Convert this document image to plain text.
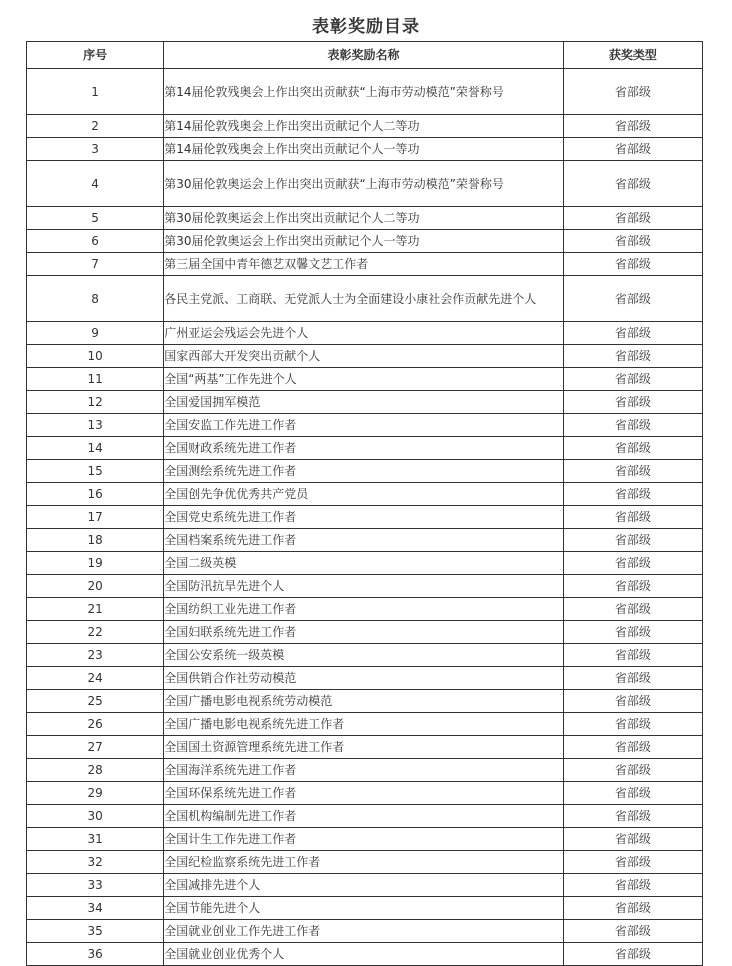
表彰奖励目录
序号	表彰奖励名称	获奖类型
1	第14届伦敦残奥会上作出突出贡献获“上海市劳动模范”荣誉称号	省部级
2	第14届伦敦残奥会上作出突出贡献记个人二等功	省部级
3	第14届伦敦残奥会上作出突出贡献记个人一等功	省部级
4	第30届伦敦奥运会上作出突出贡献获“上海市劳动模范”荣誉称号	省部级
5	第30届伦敦奥运会上作出突出贡献记个人二等功	省部级
6	第30届伦敦奥运会上作出突出贡献记个人一等功	省部级
7	第三届全国中青年德艺双馨文艺工作者	省部级
8	各民主党派、工商联、无党派人士为全面建设小康社会作贡献先进个人	省部级
9	广州亚运会残运会先进个人	省部级
10	国家西部大开发突出贡献个人	省部级
11	全国“两基”工作先进个人	省部级
12	全国爱国拥军模范	省部级
13	全国安监工作先进工作者	省部级
14	全国财政系统先进工作者	省部级
15	全国测绘系统先进工作者	省部级
16	全国创先争优优秀共产党员	省部级
17	全国党史系统先进工作者	省部级
18	全国档案系统先进工作者	省部级
19	全国二级英模	省部级
20	全国防汛抗旱先进个人	省部级
21	全国纺织工业先进工作者	省部级
22	全国妇联系统先进工作者	省部级
23	全国公安系统一级英模	省部级
24	全国供销合作社劳动模范	省部级
25	全国广播电影电视系统劳动模范	省部级
26	全国广播电影电视系统先进工作者	省部级
27	全国国土资源管理系统先进工作者	省部级
28	全国海洋系统先进工作者	省部级
29	全国环保系统先进工作者	省部级
30	全国机构编制先进工作者	省部级
31	全国计生工作先进工作者	省部级
32	全国纪检监察系统先进工作者	省部级
33	全国减排先进个人	省部级
34	全国节能先进个人	省部级
35	全国就业创业工作先进工作者	省部级
36	全国就业创业优秀个人	省部级
